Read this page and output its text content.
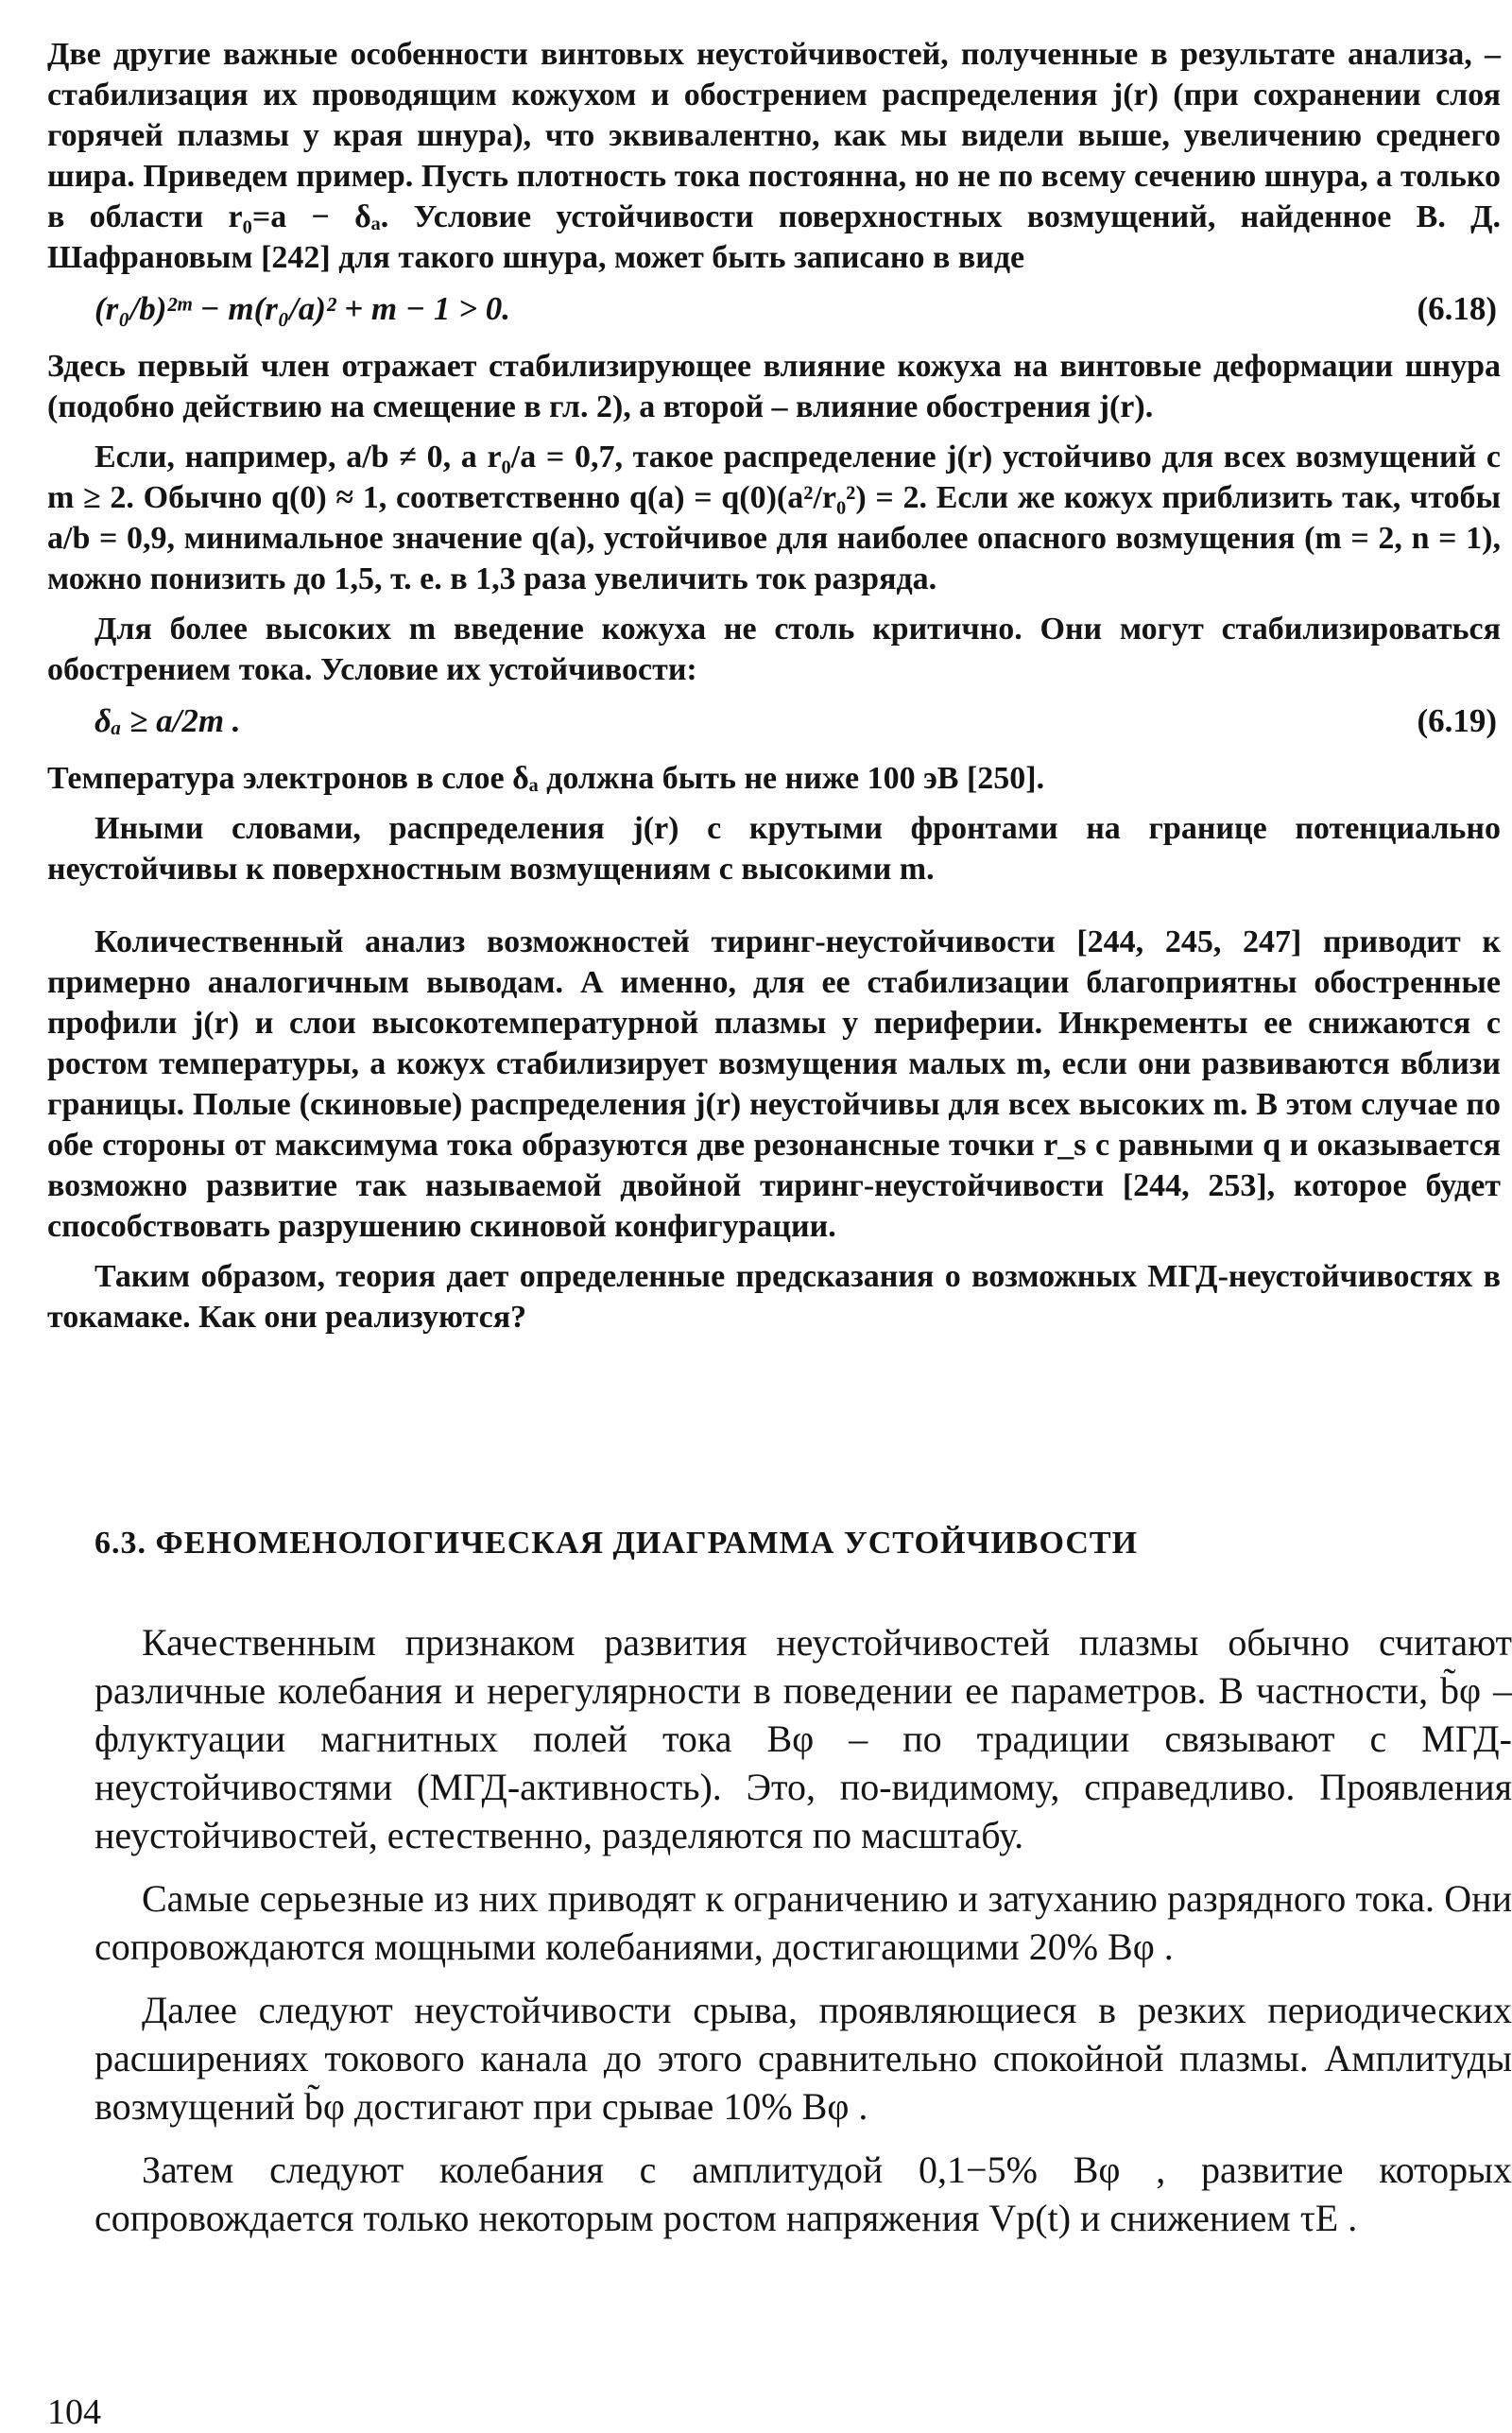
Две другие важные особенности винтовых неустойчивостей, полученные в результате анализа, – стабилизация их проводящим кожухом и обострением распределения j(r) (при сохранении слоя горячей плазмы у края шнура), что эквивалентно, как мы видели выше, увеличению среднего шира. Приведем пример. Пусть плотность тока постоянна, но не по всему сечению шнура, а только в области r₀=a − δₐ. Условие устойчивости поверхностных возмущений, найденное В. Д. Шафрановым [242] для такого шнура, может быть записано в виде

(r₀/b)²ᵐ − m(r₀/a)² + m − 1 > 0.	(6.18)

Здесь первый член отражает стабилизирующее влияние кожуха на винтовые деформации шнура (подобно действию на смещение в гл. 2), а второй – влияние обострения j(r).

Если, например, a/b ≠ 0, а r₀/a = 0,7, такое распределение j(r) устойчиво для всех возмущений с m ≥ 2. Обычно q(0) ≈ 1, соответственно q(a) = q(0)(a²/r₀²) = 2. Если же кожух приблизить так, чтобы a/b = 0,9, минимальное значение q(a), устойчивое для наиболее опасного возмущения (m = 2, n = 1), можно понизить до 1,5, т. е. в 1,3 раза увеличить ток разряда.

Для более высоких m введение кожуха не столь критично. Они могут стабилизироваться обострением тока. Условие их устойчивости:

δₐ ≥ a/2m .	(6.19)

Температура электронов в слое δₐ должна быть не ниже 100 эВ [250].

Иными словами, распределения j(r) с крутыми фронтами на границе потенциально неустойчивы к поверхностным возмущениям с высокими m.

Количественный анализ возможностей тиринг-неустойчивости [244, 245, 247] приводит к примерно аналогичным выводам. А именно, для ее стабилизации благоприятны обостренные профили j(r) и слои высокотемпературной плазмы у периферии. Инкременты ее снижаются с ростом температуры, а кожух стабилизирует возмущения малых m, если они развиваются вблизи границы. Полые (скиновые) распределения j(r) неустойчивы для всех высоких m. В этом случае по обе стороны от максимума тока образуются две резонансные точки r_s с равными q и оказывается возможно развитие так называемой двойной тиринг-неустойчивости [244, 253], которое будет способствовать разрушению скиновой конфигурации.

Таким образом, теория дает определенные предсказания о возможных МГД-неустойчивостях в токамаке. Как они реализуются?

6.3. ФЕНОМЕНОЛОГИЧЕСКАЯ ДИАГРАММА УСТОЙЧИВОСТИ

Качественным признаком развития неустойчивостей плазмы обычно считают различные колебания и нерегулярности в поведении ее параметров. В частности, b̃φ – флуктуации магнитных полей тока Bφ – по традиции связывают с МГД-неустойчивостями (МГД-активность). Это, по-видимому, справедливо. Проявления неустойчивостей, естественно, разделяются по масштабу.

Самые серьезные из них приводят к ограничению и затуханию разрядного тока. Они сопровождаются мощными колебаниями, достигающими 20% Bφ .

Далее следуют неустойчивости срыва, проявляющиеся в резких периодических расширениях токового канала до этого сравнительно спокойной плазмы. Амплитуды возмущений b̃φ достигают при срывае 10% Bφ .

Затем следуют колебания с амплитудой 0,1−5% Bφ , развитие которых сопровождается только некоторым ростом напряжения Vp(t) и снижением τE .

104
